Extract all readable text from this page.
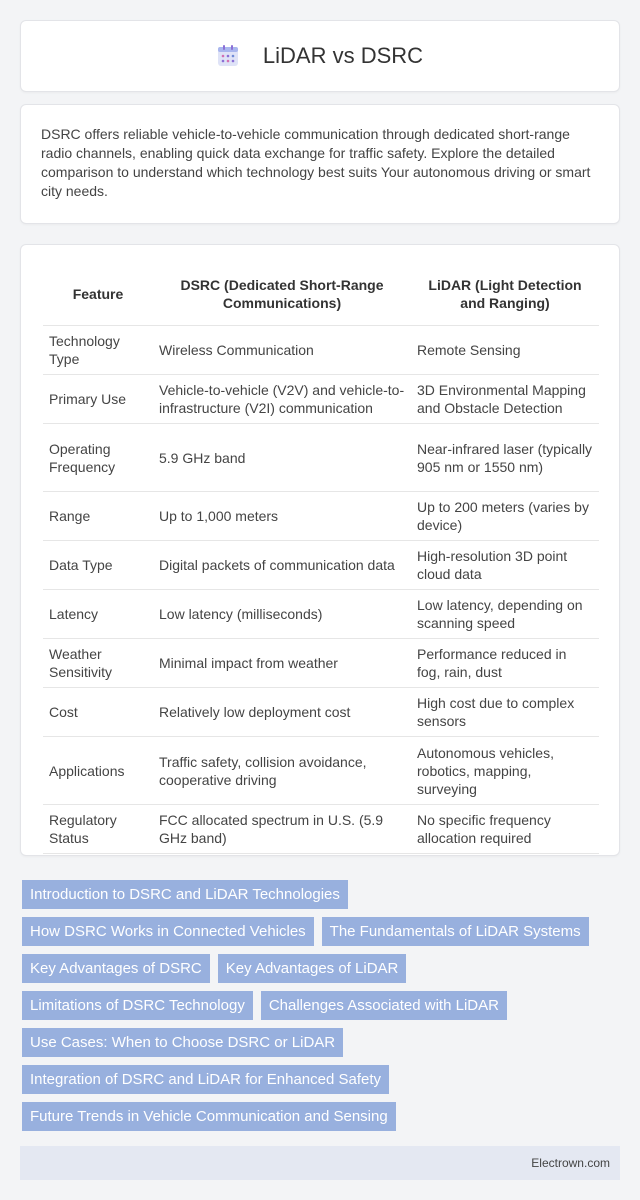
LiDAR vs DSRC

DSRC offers reliable vehicle-to-vehicle communication through dedicated short-range radio channels, enabling quick data exchange for traffic safety. Explore the detailed comparison to understand which technology best suits Your autonomous driving or smart city needs.

Feature	DSRC (Dedicated Short-Range Communications)	LiDAR (Light Detection and Ranging)
Technology Type	Wireless Communication	Remote Sensing
Primary Use	Vehicle-to-vehicle (V2V) and vehicle-to-infrastructure (V2I) communication	3D Environmental Mapping and Obstacle Detection
Operating Frequency	5.9 GHz band	Near-infrared laser (typically 905 nm or 1550 nm)
Range	Up to 1,000 meters	Up to 200 meters (varies by device)
Data Type	Digital packets of communication data	High-resolution 3D point cloud data
Latency	Low latency (milliseconds)	Low latency, depending on scanning speed
Weather Sensitivity	Minimal impact from weather	Performance reduced in fog, rain, dust
Cost	Relatively low deployment cost	High cost due to complex sensors
Applications	Traffic safety, collision avoidance, cooperative driving	Autonomous vehicles, robotics, mapping, surveying
Regulatory Status	FCC allocated spectrum in U.S. (5.9 GHz band)	No specific frequency allocation required
Introduction to DSRC and LiDAR Technologies
How DSRC Works in Connected Vehicles	The Fundamentals of LiDAR Systems
Key Advantages of DSRC	Key Advantages of LiDAR
Limitations of DSRC Technology	Challenges Associated with LiDAR
Use Cases: When to Choose DSRC or LiDAR
Integration of DSRC and LiDAR for Enhanced Safety
Future Trends in Vehicle Communication and Sensing
Electrown.com
